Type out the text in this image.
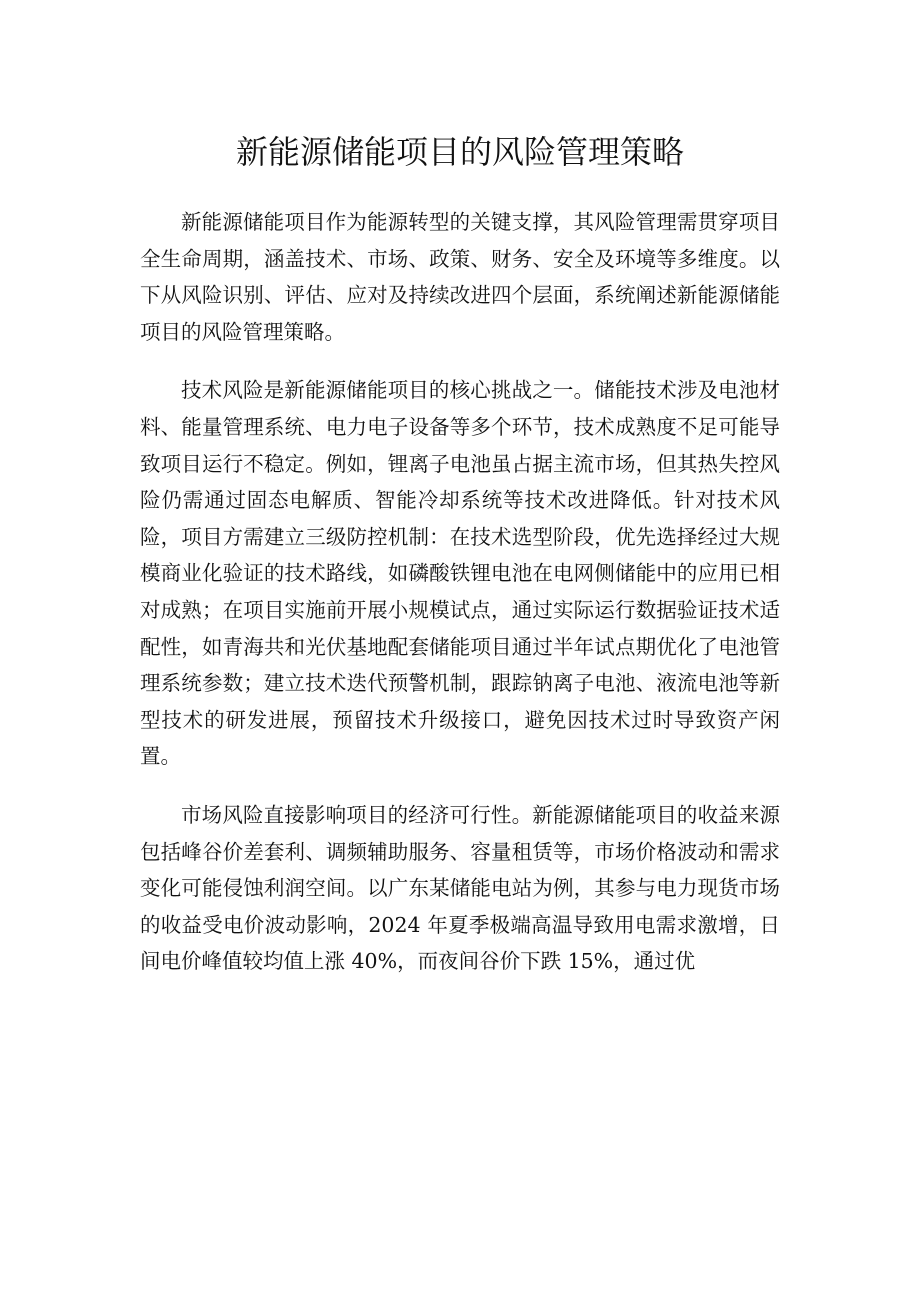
新能源储能项目的风险管理策略

新能源储能项目作为能源转型的关键支撑，其风险管理需贯穿项目全生命周期，涵盖技术、市场、政策、财务、安全及环境等多维度。以下从风险识别、评估、应对及持续改进四个层面，系统阐述新能源储能项目的风险管理策略。

技术风险是新能源储能项目的核心挑战之一。储能技术涉及电池材料、能量管理系统、电力电子设备等多个环节，技术成熟度不足可能导致项目运行不稳定。例如，锂离子电池虽占据主流市场，但其热失控风险仍需通过固态电解质、智能冷却系统等技术改进降低。针对技术风险，项目方需建立三级防控机制：在技术选型阶段，优先选择经过大规模商业化验证的技术路线，如磷酸铁锂电池在电网侧储能中的应用已相对成熟；在项目实施前开展小规模试点，通过实际运行数据验证技术适配性，如青海共和光伏基地配套储能项目通过半年试点期优化了电池管理系统参数；建立技术迭代预警机制，跟踪钠离子电池、液流电池等新型技术的研发进展，预留技术升级接口，避免因技术过时导致资产闲置。

市场风险直接影响项目的经济可行性。新能源储能项目的收益来源包括峰谷价差套利、调频辅助服务、容量租赁等，市场价格波动和需求变化可能侵蚀利润空间。以广东某储能电站为例，其参与电力现货市场的收益受电价波动影响，2024 年夏季极端高温导致用电需求激增，日间电价峰值较均值上涨 40%，而夜间谷价下跌 15%，通过优
